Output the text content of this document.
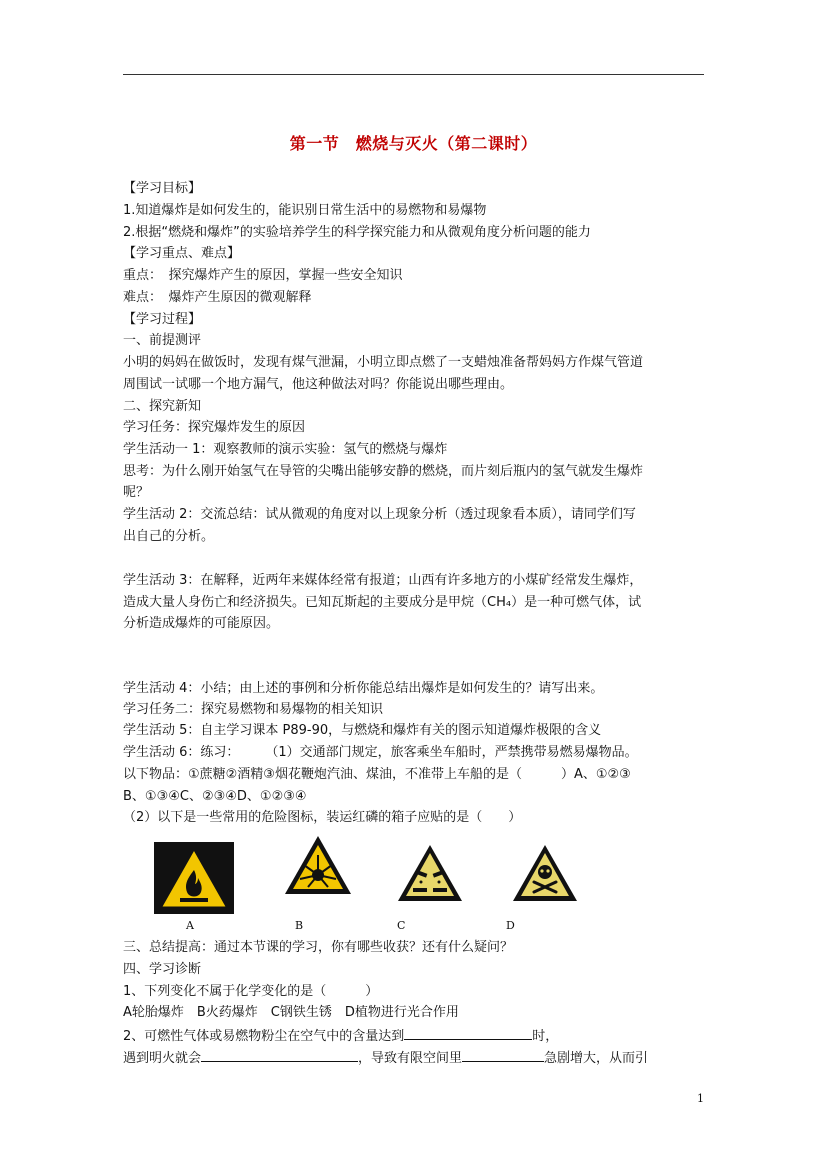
第一节　燃烧与灭火（第二课时）
【学习目标】
1.知道爆炸是如何发生的，能识别日常生活中的易燃物和易爆物
2.根据“燃烧和爆炸”的实验培养学生的科学探究能力和从微观角度分析问题的能力
【学习重点、难点】
重点：　探究爆炸产生的原因，掌握一些安全知识
难点：　爆炸产生原因的微观解释
【学习过程】
一、前提测评
小明的妈妈在做饭时，发现有煤气泄漏，小明立即点燃了一支蜡烛准备帮妈妈方作煤气管道
周围试一试哪一个地方漏气，他这种做法对吗？你能说出哪些理由。
二、探究新知
学习任务：探究爆炸发生的原因
学生活动一 1：观察教师的演示实验：氢气的燃烧与爆炸
思考：为什么刚开始氢气在导管的尖嘴出能够安静的燃烧，而片刻后瓶内的氢气就发生爆炸
呢？
学生活动 2：交流总结：试从微观的角度对以上现象分析（透过现象看本质），请同学们写
出自己的分析。
学生活动 3：在解释，近两年来媒体经常有报道；山西有许多地方的小煤矿经常发生爆炸，
造成大量人身伤亡和经济损失。已知瓦斯起的主要成分是甲烷（CH₄）是一种可燃气体，试
分析造成爆炸的可能原因。
学生活动 4：小结；由上述的事例和分析你能总结出爆炸是如何发生的？请写出来。
学习任务二：探究易燃物和易爆物的相关知识
学生活动 5：自主学习课本 P89-90，与燃烧和爆炸有关的图示知道爆炸极限的含义
学生活动 6：练习：　　　（1）交通部门规定，旅客乘坐车船时，严禁携带易燃易爆物品。
以下物品：①蔗糖②酒精③烟花鞭炮汽油、煤油，不准带上车船的是（　　　）A、①②③
B、①③④C、②③④D、①②③④
（2）以下是一些常用的危险图标，装运红磷的箱子应贴的是（　　）
A	B	C	D
三、总结提高：通过本节课的学习，你有哪些收获？还有什么疑问？
四、学习诊断
1、下列变化不属于化学变化的是（　　　）
A轮胎爆炸　B火药爆炸　C钢铁生锈　D植物进行光合作用
2、可燃性气体或易燃物粉尘在空气中的含量达到	时，
遇到明火就会	，导致有限空间里	急剧增大，从而引
1
